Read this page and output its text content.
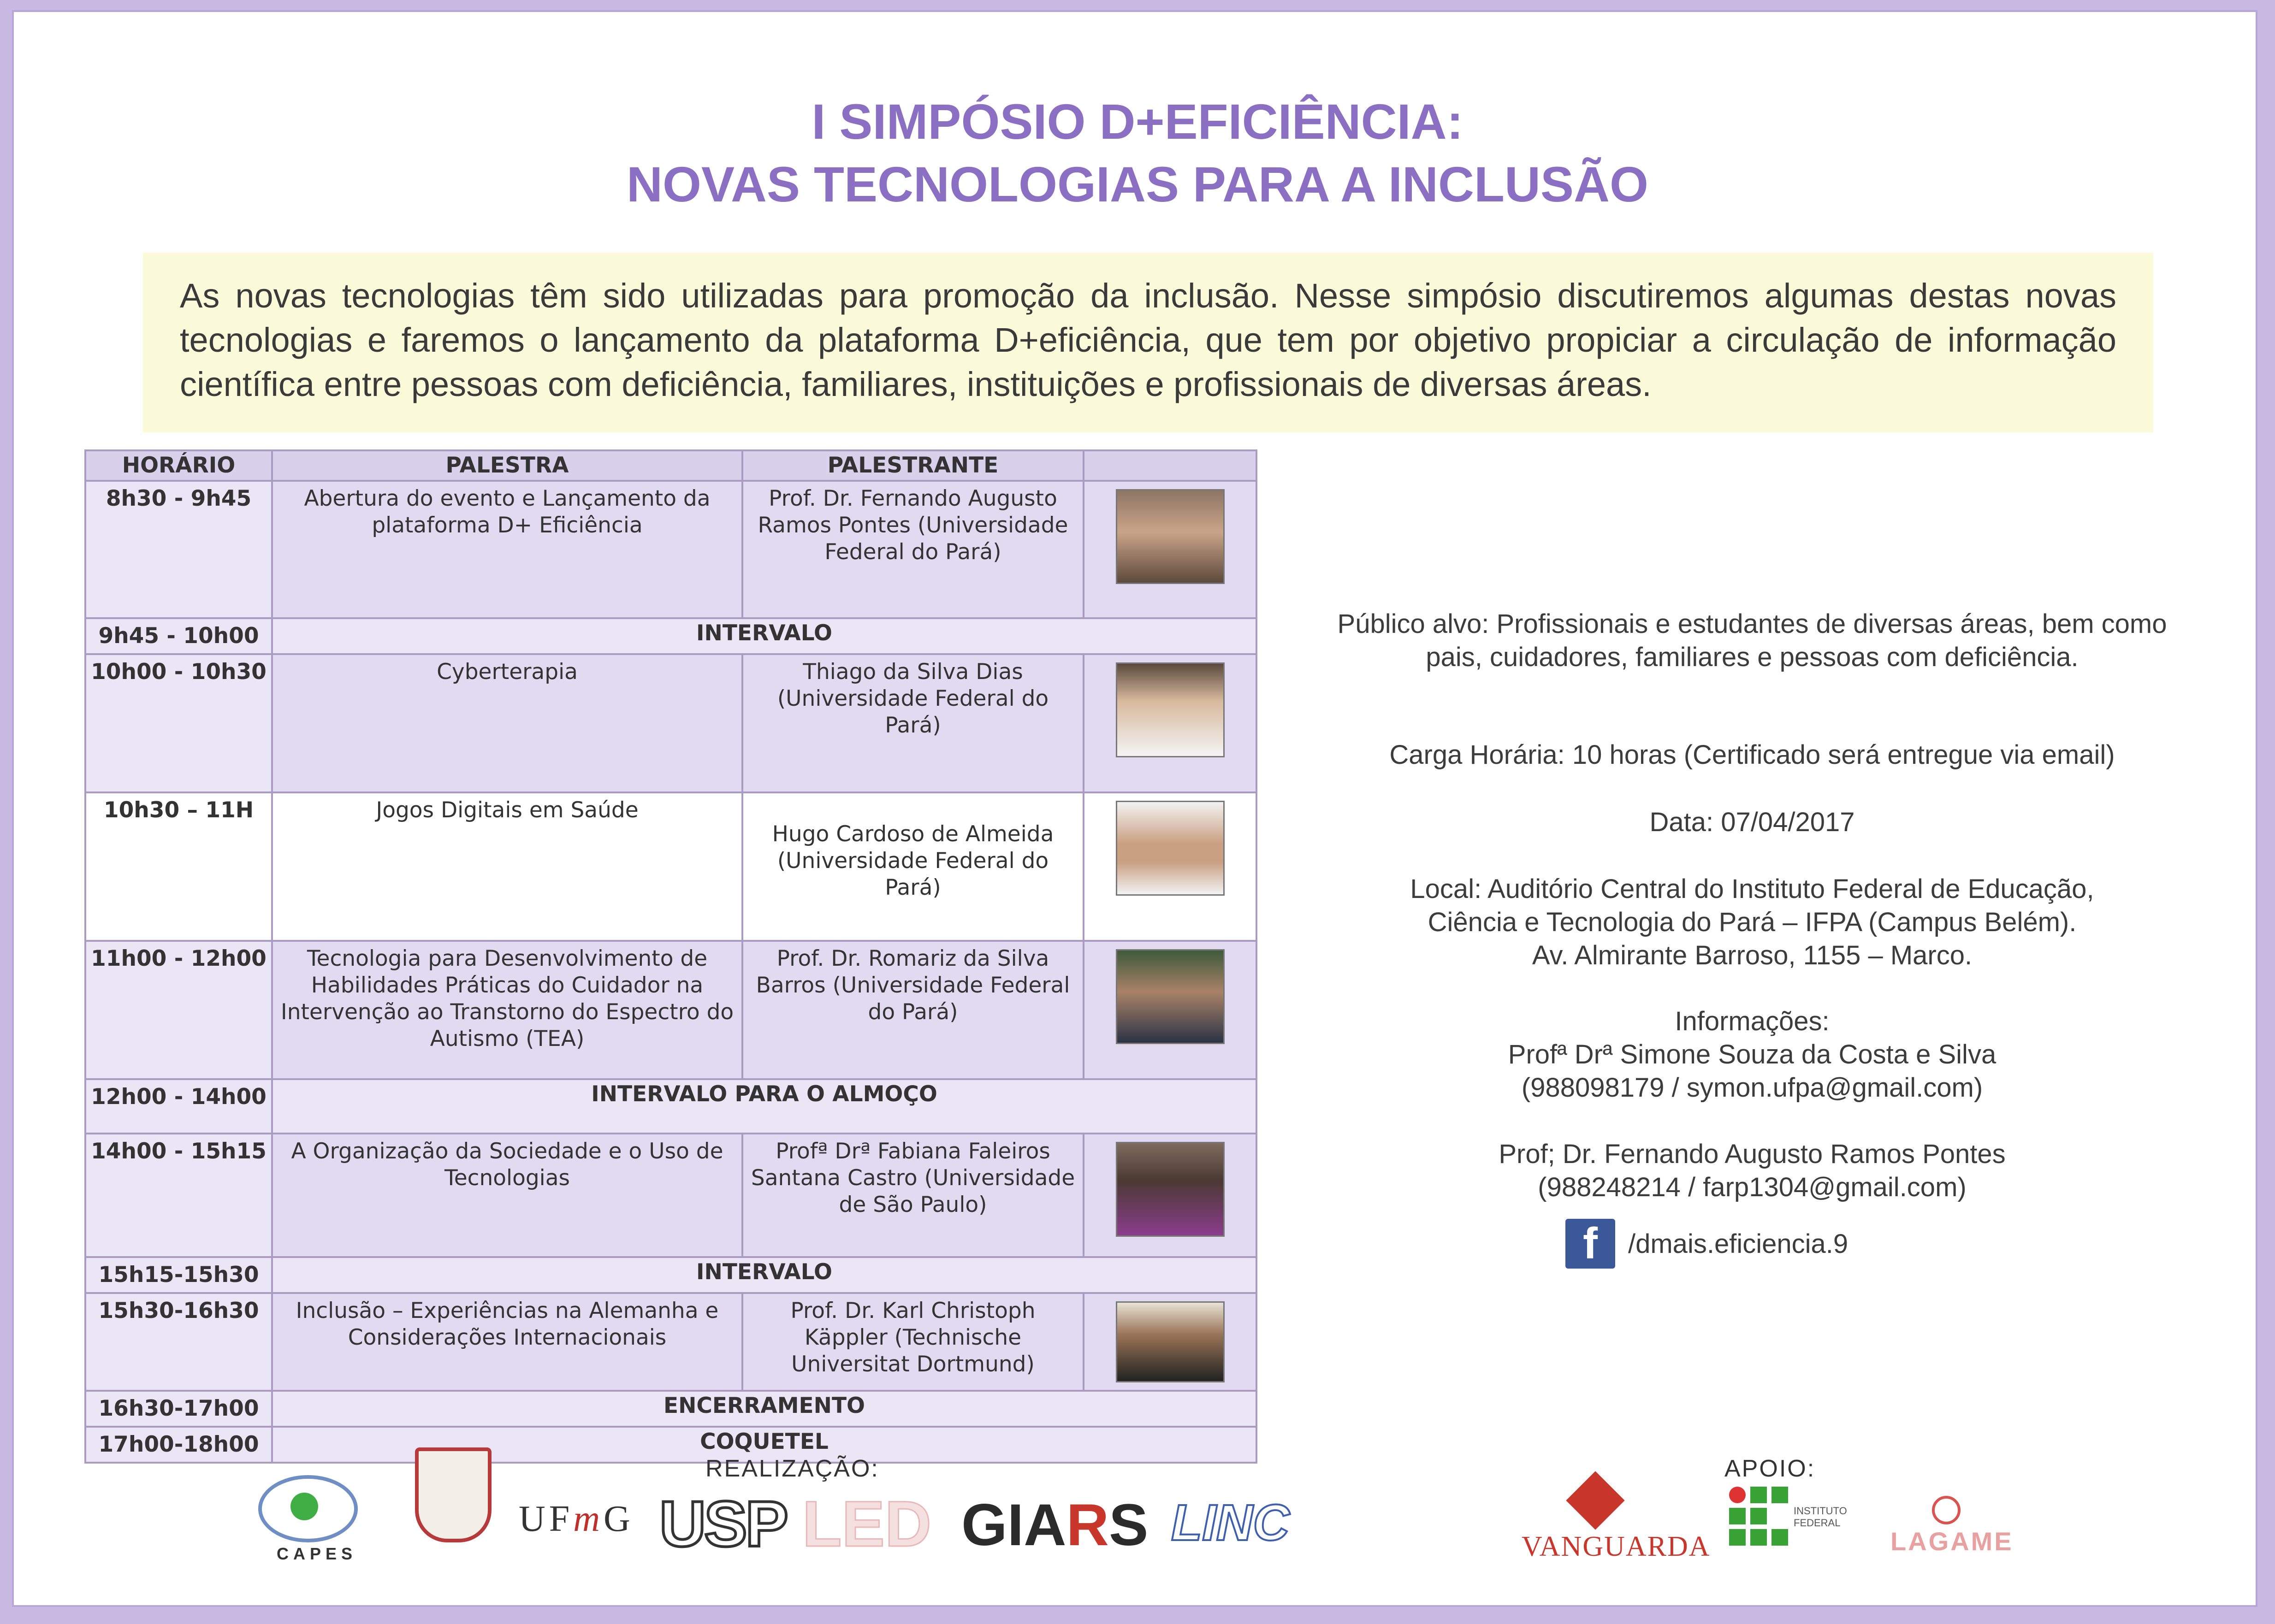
I SIMPÓSIO D+EFICIÊNCIA:
NOVAS TECNOLOGIAS PARA A INCLUSÃO
As novas tecnologias têm sido utilizadas para promoção da inclusão. Nesse simpósio discutiremos algumas destas novas tecnologias e faremos o lançamento da plataforma D+eficiência, que tem por objetivo propiciar a circulação de informação científica entre pessoas com deficiência, familiares, instituições e profissionais de diversas áreas.
HORÁRIO	PALESTRA	PALESTRANTE	
8h30 - 9h45	Abertura do evento e Lançamento da plataforma D+ Eficiência	Prof. Dr. Fernando Augusto Ramos Pontes (Universidade Federal do Pará)	

9h45 - 10h00	INTERVALO		
10h00 - 10h30	Cyberterapia	Thiago da Silva Dias (Universidade Federal do Pará)	

10h30 – 11H	Jogos Digitais em Saúde	Hugo Cardoso de Almeida (Universidade Federal do Pará)	

11h00 - 12h00	Tecnologia para Desenvolvimento de Habilidades Práticas do Cuidador na Intervenção ao Transtorno do Espectro do Autismo (TEA)	Prof. Dr. Romariz da Silva Barros (Universidade Federal do Pará)	

12h00 - 14h00	INTERVALO PARA O ALMOÇO		
14h00 - 15h15	A Organização da Sociedade e o Uso de Tecnologias	Profª Drª Fabiana Faleiros Santana Castro (Universidade de São Paulo)	

15h15-15h30	INTERVALO		
15h30-16h30	Inclusão – Experiências na Alemanha e Considerações Internacionais	Prof. Dr. Karl Christoph Käppler (Technische Universitat Dortmund)	

16h30-17h00	ENCERRAMENTO		
17h00-18h00	COQUETEL		
Público alvo: Profissionais e estudantes de diversas áreas, bem como pais, cuidadores, familiares e pessoas com deficiência.
Carga Horária: 10 horas (Certificado será entregue via email)
Data: 07/04/2017
Local: Auditório Central do Instituto Federal de Educação,
Ciência e Tecnologia do Pará – IFPA (Campus Belém).
Av. Almirante Barroso, 1155 – Marco.
Informações:
Profª Drª Simone Souza da Costa e Silva
(988098179 / symon.ufpa@gmail.com)
Prof; Dr. Fernando Augusto Ramos Pontes
(988248214 / farp1304@gmail.com)
f	/dmais.eficiencia.9
REALIZAÇÃO:	APOIO:
CAPES
UFmG USP LED GIARS LINC	VANGUARDA
INSTITUTO FEDERAL
LAGAME
